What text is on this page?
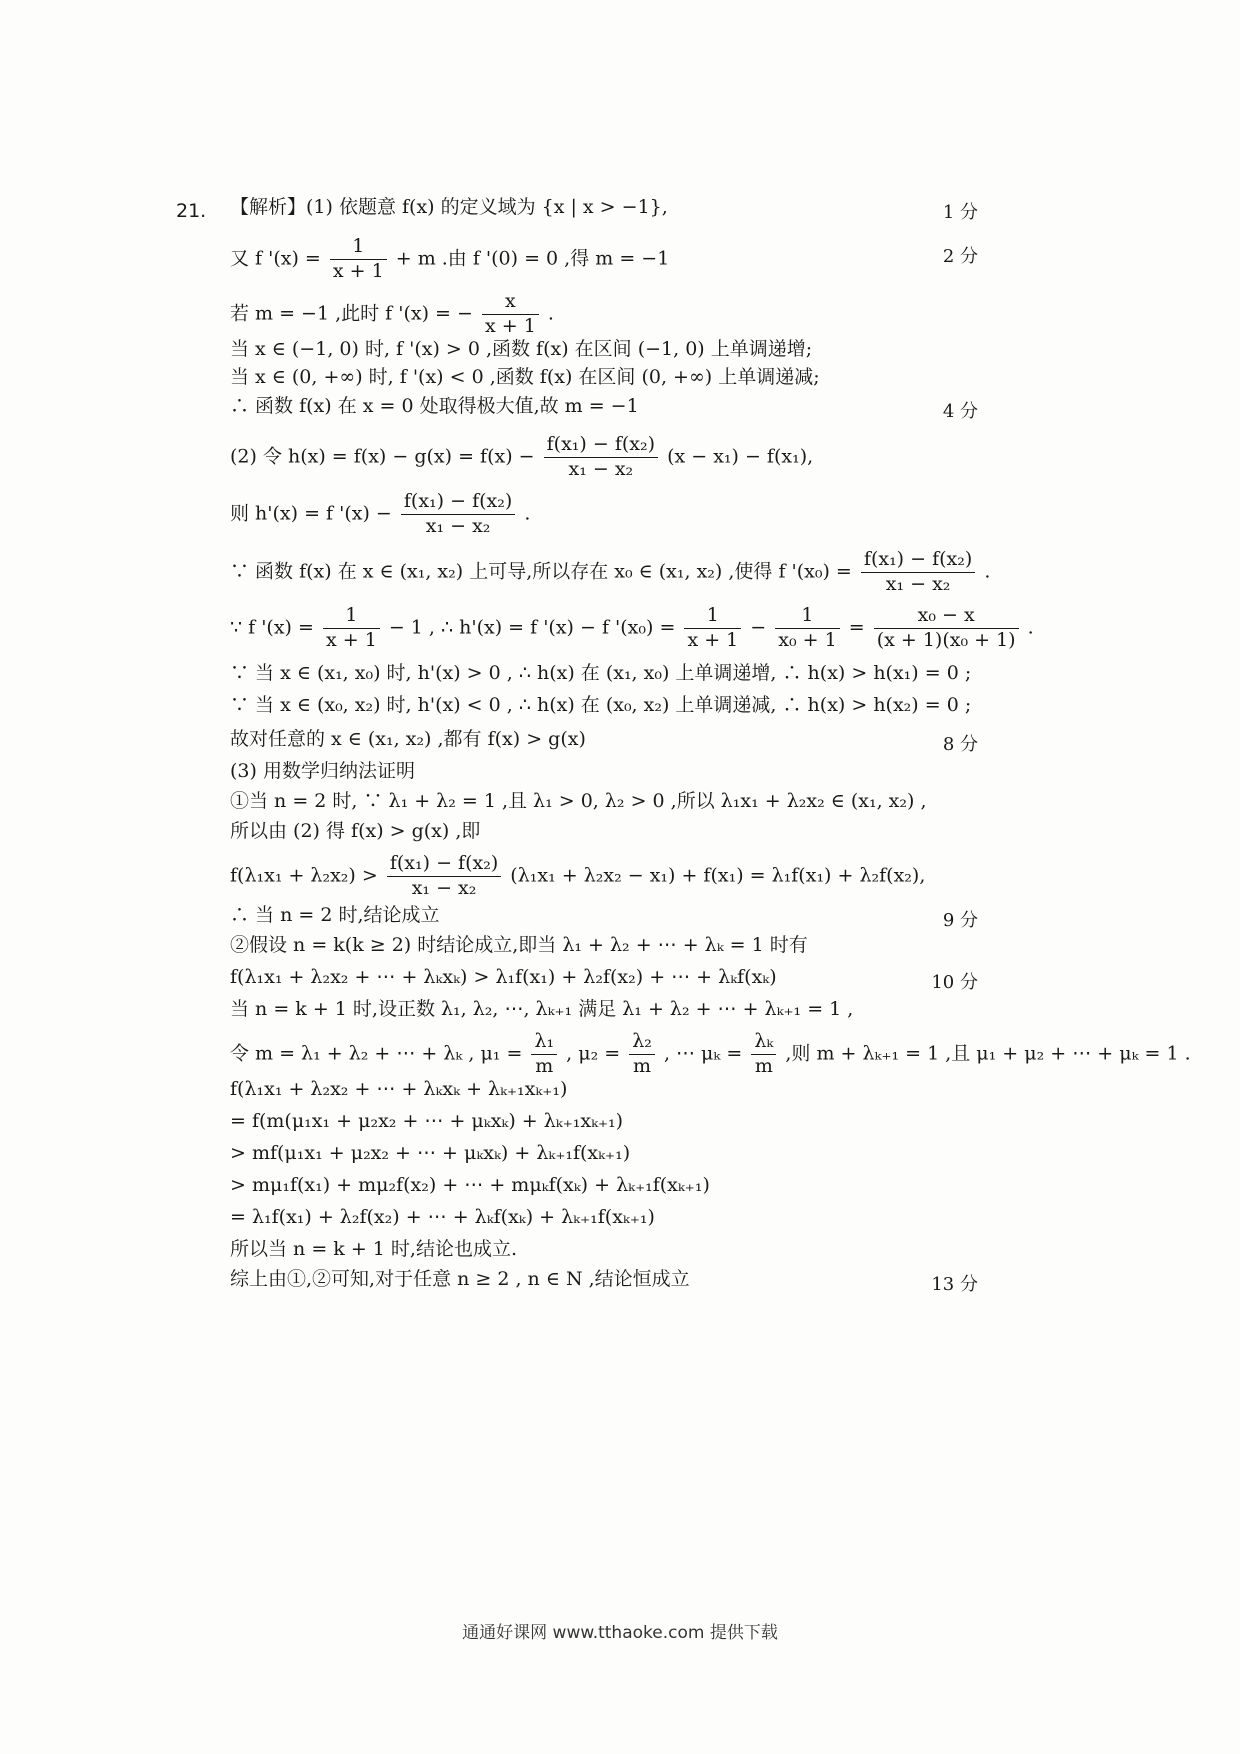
21. 【解析】(1) 依题意 f(x) 的定义域为 {x | x > −1},	1 分
又 f '$(x) = \frac{1}{x + 1} + m$ .由 f '(0) = 0 ,得 m = −1	2 分
若 m = −1 ,此时 f '(x) = − $\frac{x}{x + 1}$ .
当 x ∈ (−1, 0) 时, f '(x) > 0 ,函数 f(x) 在区间 (−1, 0) 上单调递增;
当 x ∈ (0, +∞) 时, f '(x) < 0 ,函数 f(x) 在区间 (0, +∞) 上单调递减;
∴ 函数 f(x) 在 x = 0 处取得极大值,故 m = −1	4 分
(2) 令 $h(x) = f(x) - g(x) = f(x) - \frac{\text{f(x₁) − f(x₂)}}{\text{x₁ − x₂}} (x - x_1) - f(x_1)$,
则 h'(x) = f '$(x) - \frac{\text{f(x₁) − f(x₂)}}{\text{x₁ − x₂}}$ .
∵ 函数 f(x) 在 x ∈ (x₁, x₂) 上可导,所以存在 x₀ ∈ (x₁, x₂) ,使得 f '$(x_0) = \frac{\text{f(x₁) − f(x₂)}}{\text{x₁ − x₂}}$ .
∵ f '$(x) = \frac{1}{x + 1} - 1$ , ∴ h'(x) = f '(x) − f '$(x_0) = \frac{1}{x + 1} - \frac{1}{\text{x₀ + 1}} = \frac{\text{x₀ − x}}{\text{(x + 1)(x₀ + 1)}}$ .
∵ 当 x ∈ (x₁, x₀) 时, h'(x) > 0 , ∴ h(x) 在 (x₁, x₀) 上单调递增, ∴ h(x) > h(x₁) = 0 ;
∵ 当 x ∈ (x₀, x₂) 时, h'(x) < 0 , ∴ h(x) 在 (x₀, x₂) 上单调递减, ∴ h(x) > h(x₂) = 0 ;
故对任意的 x ∈ (x₁, x₂) ,都有 f(x) > g(x)	8 分
(3) 用数学归纳法证明
①当 n = 2 时, ∵ λ₁ + λ₂ = 1 ,且 λ₁ > 0, λ₂ > 0 ,所以 λ₁x₁ + λ₂x₂ ∈ (x₁, x₂) ,
所以由 (2) 得 f(x) > g(x) ,即
$f(\lambda_1x_1 + \lambda_2x_2) > \frac{\text{f(x₁) − f(x₂)}}{\text{x₁ − x₂}} (\lambda_1x_1 + \lambda_2x_2 - x_1) + f(x_1) = \lambda_1f(x_1) + \lambda_2f(x_2)$,
∴ 当 n = 2 时,结论成立	9 分
②假设 n = k(k ≥ 2) 时结论成立,即当 λ₁ + λ₂ + ⋯ + λₖ = 1 时有
f(λ₁x₁ + λ₂x₂ + ⋯ + λₖxₖ) > λ₁f(x₁) + λ₂f(x₂) + ⋯ + λₖf(xₖ)	10 分
当 n = k + 1 时,设正数 λ₁, λ₂, ⋯, λₖ₊₁ 满足 λ₁ + λ₂ + ⋯ + λₖ₊₁ = 1 ,
令 m = λ₁ + λ₂ + ⋯ + λₖ , $\mu_1 = \frac{\text{λ₁}}{m}$ , $\mu_2 = \frac{\text{λ₂}}{m}$ , ⋯ $\mu_k = \frac{\text{λₖ}}{m}$ ,则 m + λₖ₊₁ = 1 ,且 μ₁ + μ₂ + ⋯ + μₖ = 1 .
f(λ₁x₁ + λ₂x₂ + ⋯ + λₖxₖ + λₖ₊₁xₖ₊₁)
= f(m(μ₁x₁ + μ₂x₂ + ⋯ + μₖxₖ) + λₖ₊₁xₖ₊₁)
> mf(μ₁x₁ + μ₂x₂ + ⋯ + μₖxₖ) + λₖ₊₁f(xₖ₊₁)
> mμ₁f(x₁) + mμ₂f(x₂) + ⋯ + mμₖf(xₖ) + λₖ₊₁f(xₖ₊₁)
= λ₁f(x₁) + λ₂f(x₂) + ⋯ + λₖf(xₖ) + λₖ₊₁f(xₖ₊₁)
所以当 n = k + 1 时,结论也成立.
综上由①,②可知,对于任意 n ≥ 2 , n ∈ N ,结论恒成立	13 分
通通好课网 www.tthaoke.com 提供下载
